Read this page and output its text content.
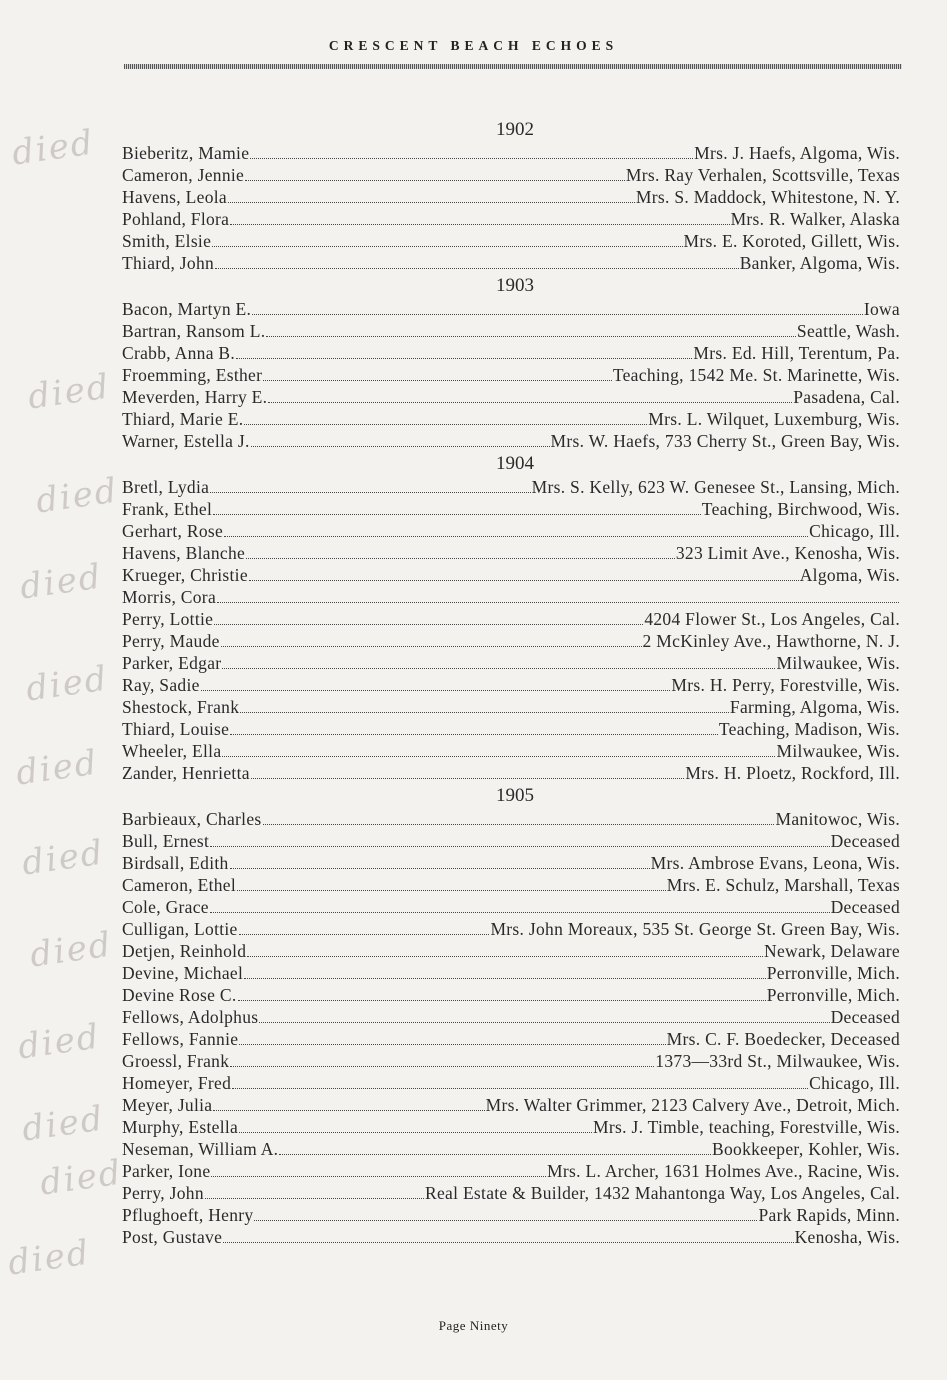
CRESCENT BEACH ECHOES
died
died
died
died
died
died
died
died
died
died
died
died
1902
Bieberitz, Mamie	Mrs. J. Haefs, Algoma, Wis.
Cameron, Jennie	Mrs. Ray Verhalen, Scottsville, Texas
Havens, Leola	Mrs. S. Maddock, Whitestone, N. Y.
Pohland, Flora	Mrs. R. Walker, Alaska
Smith, Elsie	Mrs. E. Koroted, Gillett, Wis.
Thiard, John	Banker, Algoma, Wis.
1903
Bacon, Martyn E.	Iowa
Bartran, Ransom L.	Seattle, Wash.
Crabb, Anna B.	Mrs. Ed. Hill, Terentum, Pa.
Froemming, Esther	Teaching, 1542 Me. St. Marinette, Wis.
Meverden, Harry E.	Pasadena, Cal.
Thiard, Marie E.	Mrs. L. Wilquet, Luxemburg, Wis.
Warner, Estella J.	Mrs. W. Haefs, 733 Cherry St., Green Bay, Wis.
1904
Bretl, Lydia	Mrs. S. Kelly, 623 W. Genesee St., Lansing, Mich.
Frank, Ethel	Teaching, Birchwood, Wis.
Gerhart, Rose	Chicago, Ill.
Havens, Blanche	323 Limit Ave., Kenosha, Wis.
Krueger, Christie	Algoma, Wis.
Morris, Cora
Perry, Lottie	4204 Flower St., Los Angeles, Cal.
Perry, Maude	2 McKinley Ave., Hawthorne, N. J.
Parker, Edgar	Milwaukee, Wis.
Ray, Sadie	Mrs. H. Perry, Forestville, Wis.
Shestock, Frank	Farming, Algoma, Wis.
Thiard, Louise	Teaching, Madison, Wis.
Wheeler, Ella	Milwaukee, Wis.
Zander, Henrietta	Mrs. H. Ploetz, Rockford, Ill.
1905
Barbieaux, Charles	Manitowoc, Wis.
Bull, Ernest	Deceased
Birdsall, Edith	Mrs. Ambrose Evans, Leona, Wis.
Cameron, Ethel	Mrs. E. Schulz, Marshall, Texas
Cole, Grace	Deceased
Culligan, Lottie	Mrs. John Moreaux, 535 St. George St. Green Bay, Wis.
Detjen, Reinhold	Newark, Delaware
Devine, Michael	Perronville, Mich.
Devine Rose C.	Perronville, Mich.
Fellows, Adolphus	Deceased
Fellows, Fannie	Mrs. C. F. Boedecker, Deceased
Groessl, Frank	1373—33rd St., Milwaukee, Wis.
Homeyer, Fred	Chicago, Ill.
Meyer, Julia	Mrs. Walter Grimmer, 2123 Calvery Ave., Detroit, Mich.
Murphy, Estella	Mrs. J. Timble, teaching, Forestville, Wis.
Neseman, William A.	Bookkeeper, Kohler, Wis.
Parker, Ione	Mrs. L. Archer, 1631 Holmes Ave., Racine, Wis.
Perry, John	Real Estate & Builder, 1432 Mahantonga Way, Los Angeles, Cal.
Pflughoeft, Henry	Park Rapids, Minn.
Post, Gustave	Kenosha, Wis.
Page Ninety
